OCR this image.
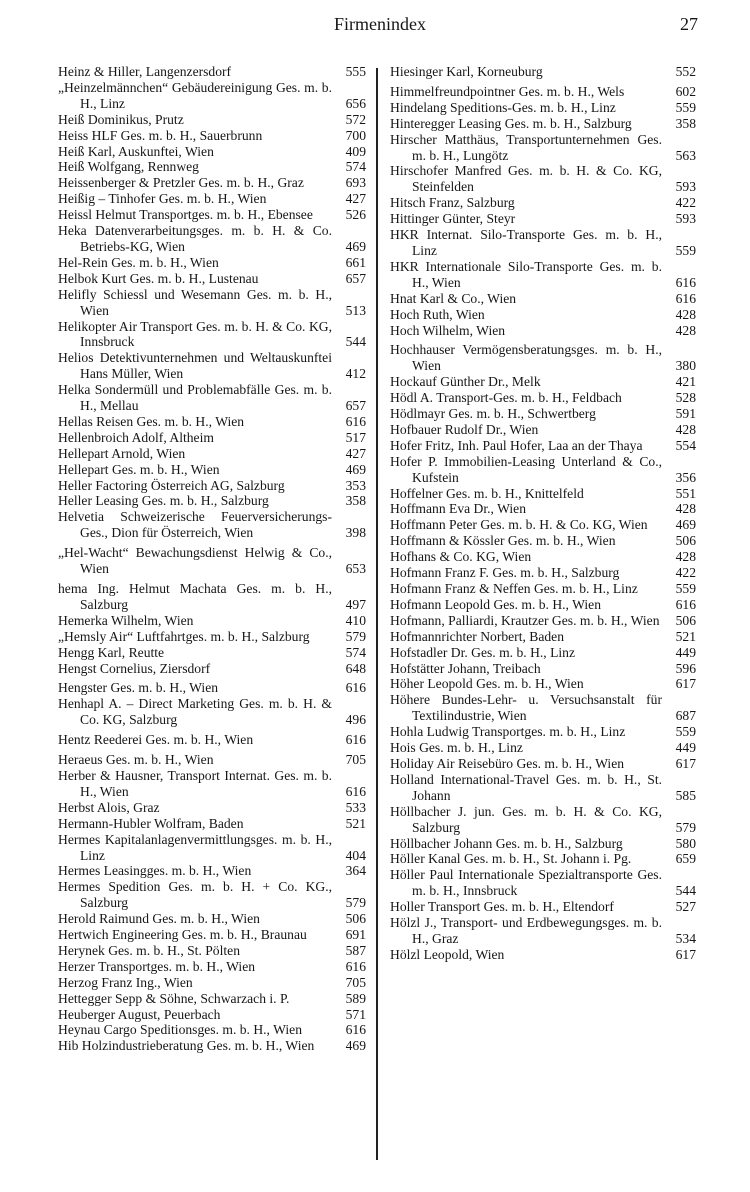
Firmenindex	27
Heinz & Hiller, Langenzersdorf	555
„Heinzelmännchen“ Gebäudereinigung Ges. m. b. H., Linz	656
Heiß Dominikus, Prutz	572
Heiss HLF Ges. m. b. H., Sauerbrunn	700
Heiß Karl, Auskunftei, Wien	409
Heiß Wolfgang, Rennweg	574
Heissenberger & Pretzler Ges. m. b. H., Graz	693
Heißig – Tinhofer Ges. m. b. H., Wien	427
Heissl Helmut Transportges. m. b. H., Ebensee	526
Heka Datenverarbeitungsges. m. b. H. & Co. Betriebs-KG, Wien	469
Hel-Rein Ges. m. b. H., Wien	661
Helbok Kurt Ges. m. b. H., Lustenau	657
Helifly Schiessl und Wesemann Ges. m. b. H., Wien	513
Helikopter Air Transport Ges. m. b. H. & Co. KG, Innsbruck	544
Helios Detektivunternehmen und Weltauskunftei Hans Müller, Wien	412
Helka Sondermüll und Problemabfälle Ges. m. b. H., Mellau	657
Hellas Reisen Ges. m. b. H., Wien	616
Hellenbroich Adolf, Altheim	517
Hellepart Arnold, Wien	427
Hellepart Ges. m. b. H., Wien	469
Heller Factoring Österreich AG, Salzburg	353
Heller Leasing Ges. m. b. H., Salzburg	358
Helvetia Schweizerische Feuerversicherungs-Ges., Dion für Österreich, Wien	398
„Hel-Wacht“ Bewachungsdienst Helwig & Co., Wien	653
hema Ing. Helmut Machata Ges. m. b. H., Salzburg	497
Hemerka Wilhelm, Wien	410
„Hemsly Air“ Luftfahrtges. m. b. H., Salzburg	579
Hengg Karl, Reutte	574
Hengst Cornelius, Ziersdorf	648
Hengster Ges. m. b. H., Wien	616
Henhapl A. – Direct Marketing Ges. m. b. H. & Co. KG, Salzburg	496
Hentz Reederei Ges. m. b. H., Wien	616
Heraeus Ges. m. b. H., Wien	705
Herber & Hausner, Transport Internat. Ges. m. b. H., Wien	616
Herbst Alois, Graz	533
Hermann-Hubler Wolfram, Baden	521
Hermes Kapitalanlagenvermittlungsges. m. b. H., Linz	404
Hermes Leasingges. m. b. H., Wien	364
Hermes Spedition Ges. m. b. H. + Co. KG., Salzburg	579
Herold Raimund Ges. m. b. H., Wien	506
Hertwich Engineering Ges. m. b. H., Braunau	691
Herynek Ges. m. b. H., St. Pölten	587
Herzer Transportges. m. b. H., Wien	616
Herzog Franz Ing., Wien	705
Hettegger Sepp & Söhne, Schwarzach i. P.	589
Heuberger August, Peuerbach	571
Heynau Cargo Speditionsges. m. b. H., Wien	616
Hib Holzindustrieberatung Ges. m. b. H., Wien	469
Hiesinger Karl, Korneuburg	552
Himmelfreundpointner Ges. m. b. H., Wels	602
Hindelang Speditions-Ges. m. b. H., Linz	559
Hinteregger Leasing Ges. m. b. H., Salzburg	358
Hirscher Matthäus, Transportunternehmen Ges. m. b. H., Lungötz	563
Hirschofer Manfred Ges. m. b. H. & Co. KG, Steinfelden	593
Hitsch Franz, Salzburg	422
Hittinger Günter, Steyr	593
HKR Internat. Silo-Transporte Ges. m. b. H., Linz	559
HKR Internationale Silo-Transporte Ges. m. b. H., Wien	616
Hnat Karl & Co., Wien	616
Hoch Ruth, Wien	428
Hoch Wilhelm, Wien	428
Hochhauser Vermögensberatungsges. m. b. H., Wien	380
Hockauf Günther Dr., Melk	421
Hödl A. Transport-Ges. m. b. H., Feldbach	528
Hödlmayr Ges. m. b. H., Schwertberg	591
Hofbauer Rudolf Dr., Wien	428
Hofer Fritz, Inh. Paul Hofer, Laa an der Thaya	554
Hofer P. Immobilien-Leasing Unterland & Co., Kufstein	356
Hoffelner Ges. m. b. H., Knittelfeld	551
Hoffmann Eva Dr., Wien	428
Hoffmann Peter Ges. m. b. H. & Co. KG, Wien	469
Hoffmann & Kössler Ges. m. b. H., Wien	506
Hofhans & Co. KG, Wien	428
Hofmann Franz F. Ges. m. b. H., Salzburg	422
Hofmann Franz & Neffen Ges. m. b. H., Linz	559
Hofmann Leopold Ges. m. b. H., Wien	616
Hofmann, Palliardi, Krautzer Ges. m. b. H., Wien	506
Hofmannrichter Norbert, Baden	521
Hofstadler Dr. Ges. m. b. H., Linz	449
Hofstätter Johann, Treibach	596
Höher Leopold Ges. m. b. H., Wien	617
Höhere Bundes-Lehr- u. Versuchsanstalt für Textilindustrie, Wien	687
Hohla Ludwig Transportges. m. b. H., Linz	559
Hois Ges. m. b. H., Linz	449
Holiday Air Reisebüro Ges. m. b. H., Wien	617
Holland International-Travel Ges. m. b. H., St. Johann	585
Höllbacher J. jun. Ges. m. b. H. & Co. KG, Salzburg	579
Höllbacher Johann Ges. m. b. H., Salzburg	580
Höller Kanal Ges. m. b. H., St. Johann i. Pg.	659
Höller Paul Internationale Spezialtransporte Ges. m. b. H., Innsbruck	544
Holler Transport Ges. m. b. H., Eltendorf	527
Hölzl J., Transport- und Erdbewegungsges. m. b. H., Graz	534
Hölzl Leopold, Wien	617
